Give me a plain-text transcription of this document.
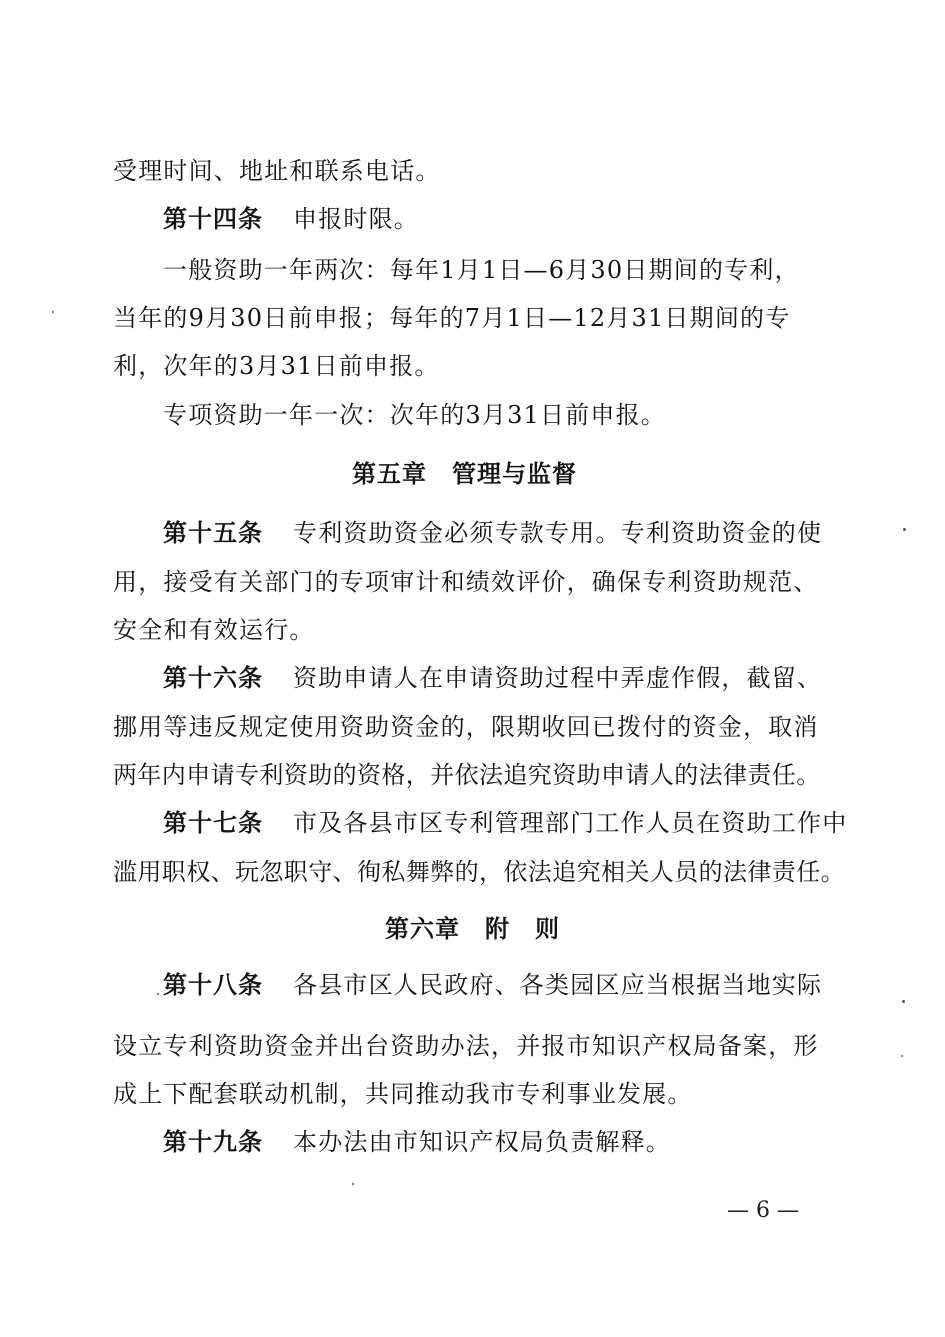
受理时间、地址和联系电话。
第十四条 申报时限。
一般资助一年两次：每年1月1日—6月30日期间的专利，
当年的9月30日前申报；每年的7月1日—12月31日期间的专
利，次年的3月31日前申报。
专项资助一年一次：次年的3月31日前申报。
第五章　管理与监督
第十五条 专利资助资金必须专款专用。专利资助资金的使
用，接受有关部门的专项审计和绩效评价，确保专利资助规范、
安全和有效运行。
第十六条 资助申请人在申请资助过程中弄虚作假，截留、
挪用等违反规定使用资助资金的，限期收回已拨付的资金，取消
两年内申请专利资助的资格，并依法追究资助申请人的法律责任。
第十七条 市及各县市区专利管理部门工作人员在资助工作中
滥用职权、玩忽职守、徇私舞弊的，依法追究相关人员的法律责任。
第六章　附　则
第十八条 各县市区人民政府、各类园区应当根据当地实际
设立专利资助资金并出台资助办法，并报市知识产权局备案，形
成上下配套联动机制，共同推动我市专利事业发展。
第十九条 本办法由市知识产权局负责解释。
— 6 —
